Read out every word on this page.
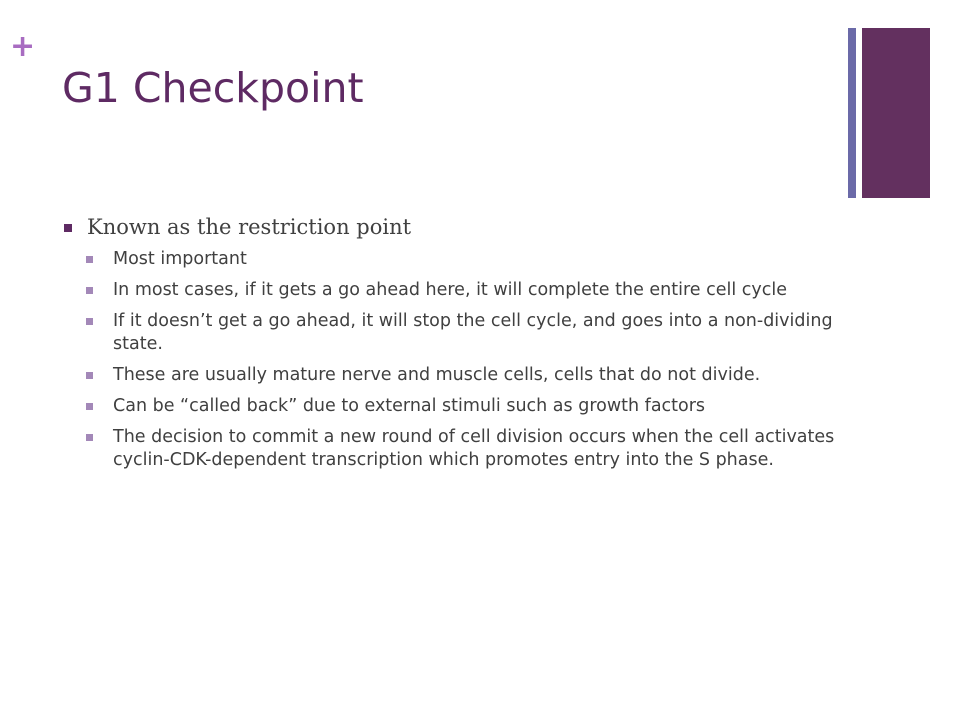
+
G1 Checkpoint
Known as the restriction point
Most important
In most cases, if it gets a go ahead here, it will complete the entire cell cycle
If it doesn’t get a go ahead, it will stop the cell cycle, and goes into a non-dividing state.
These are usually mature nerve and muscle cells, cells that do not divide.
Can be “called back” due to external stimuli such as growth factors
The decision to commit a new round of cell division occurs when the cell activates cyclin-CDK-dependent transcription which promotes entry into the S phase.
